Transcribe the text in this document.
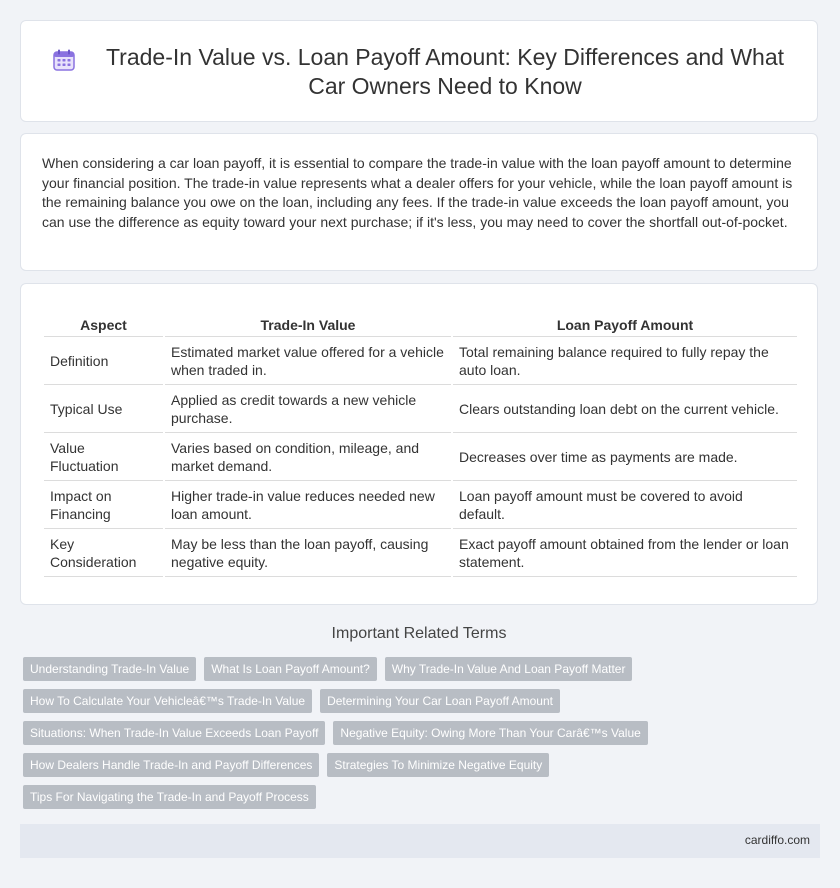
Trade-In Value vs. Loan Payoff Amount: Key Differences and What Car Owners Need to Know

When considering a car loan payoff, it is essential to compare the trade-in value with the loan payoff amount to determine your financial position. The trade-in value represents what a dealer offers for your vehicle, while the loan payoff amount is the remaining balance you owe on the loan, including any fees. If the trade-in value exceeds the loan payoff amount, you can use the difference as equity toward your next purchase; if it's less, you may need to cover the shortfall out-of-pocket.

Aspect	Trade-In Value	Loan Payoff Amount
Definition	Estimated market value offered for a vehicle when traded in.	Total remaining balance required to fully repay the auto loan.
Typical Use	Applied as credit towards a new vehicle purchase.	Clears outstanding loan debt on the current vehicle.
Value Fluctuation	Varies based on condition, mileage, and market demand.	Decreases over time as payments are made.
Impact on Financing	Higher trade-in value reduces needed new loan amount.	Loan payoff amount must be covered to avoid default.
Key Consideration	May be less than the loan payoff, causing negative equity.	Exact payoff amount obtained from the lender or loan statement.
Important Related Terms
Understanding Trade-In Value	What Is Loan Payoff Amount?	Why Trade-In Value And Loan Payoff Matter
How To Calculate Your Vehicleâ€™s Trade-In Value	Determining Your Car Loan Payoff Amount
Situations: When Trade-In Value Exceeds Loan Payoff	Negative Equity: Owing More Than Your Carâ€™s Value
How Dealers Handle Trade-In and Payoff Differences	Strategies To Minimize Negative Equity
Tips For Navigating the Trade-In and Payoff Process
cardiffo.com
